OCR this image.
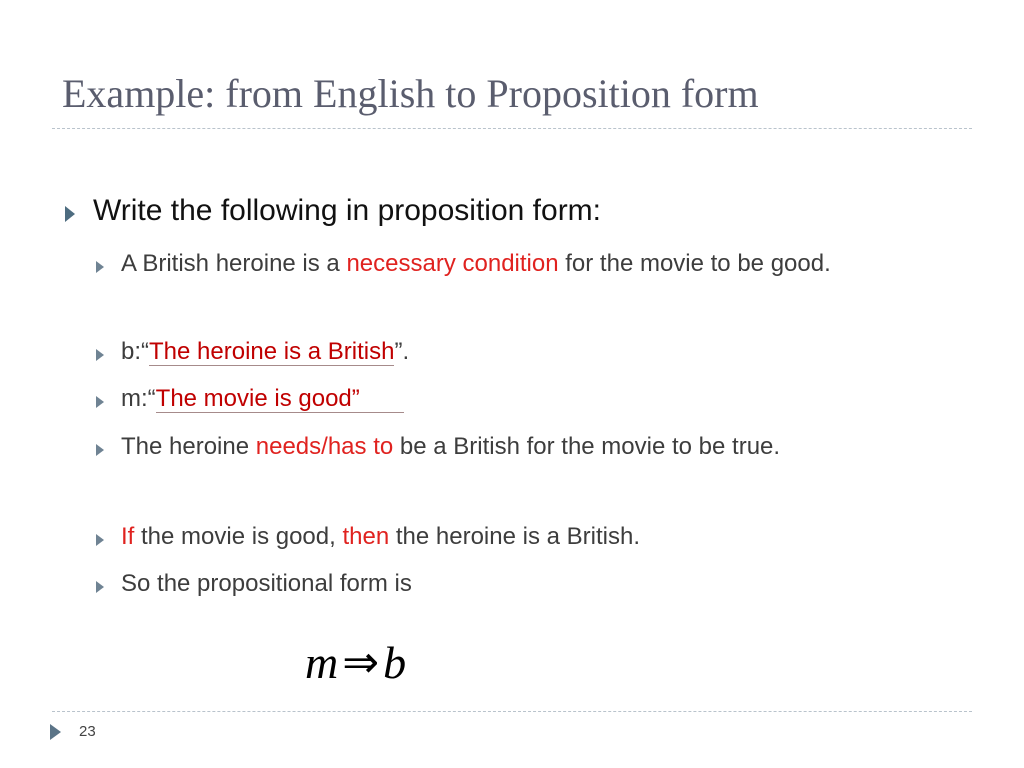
Example: from English to Proposition form
Write the following in proposition form:
A British heroine is a necessary condition for the movie to be good.
b:“The heroine is a British”.
m:“The movie is good”
The heroine needs/has to be a British for the movie to be true.
If the movie is good, then the heroine is a British.
So the propositional form is
m ⇒ b
23
